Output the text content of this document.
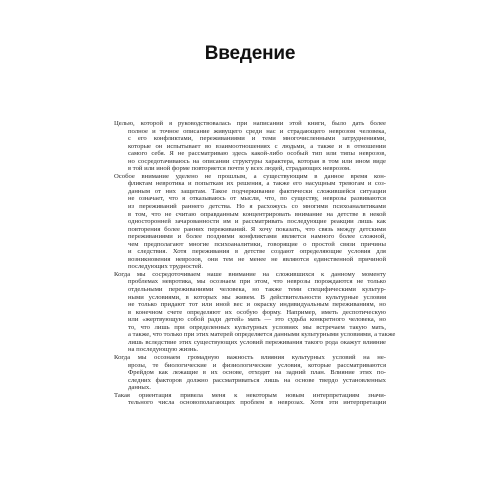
Введение

Целью, которой я руководствовалась при написании этой книги, было дать более
полное и точное описание живущего среди нас и страдающего неврозом человека,
с его конфликтами, переживаниями и теми многочисленными затруднениями,
которые он испытывает во взаимоотношениях с людьми, а также и в отношении
самого себя. Я не рассматриваю здесь какой-либо особый тип или типы неврозов,
но сосредотачиваюсь на описании структуры характера, которая в том или ином виде
в той или иной форме повторяется почти у всех людей, страдающих неврозом.

Особое внимание уделено не прошлым, а существующим в данное время кон-
фликтам невротика и попыткам их решения, а также его насущным тревогам и соз-
данным от них защитам. Такое подчеркивание фактически сложившейся ситуации
не означает, что я отказываюсь от мысли, что, по существу, неврозы развиваются
из переживаний раннего детства. Но я расхожусь со многими психоаналитиками
в том, что не считаю оправданным концентрировать внимание на детстве в некой
односторонней зачарованности им и рассматривать последующие реакции лишь как
повторения более ранних переживаний. Я хочу показать, что связь между детскими
переживаниями и более поздними конфликтами является намного более сложной,
чем предполагают многие психоаналитики, говорящие о простой связи причины
и следствия. Хотя переживания в детстве создают определяющие условия для
возникновения неврозов, они тем не менее не являются единственной причиной
последующих трудностей.

Когда мы сосредоточиваем наше внимание на сложившихся к данному моменту
проблемах невротика, мы осознаем при этом, что неврозы порождаются не только
отдельными переживаниями человека, но также теми специфическими культур-
ными условиями, в которых мы живем. В действительности культурные условия
не только придают тот или иной вес и окраску индивидуальным переживаниям, но
в конечном счете определяют их особую форму. Например, иметь деспотическую
или «жертвующую собой ради детей» мать — это судьба конкретного человека, но
то, что лишь при определенных культурных условиях мы встречаем такую мать,
а также, что только при этих матерей определяется данными культурными условиями, а также
лишь вследствие этих существующих условий переживания такого рода окажут влияние
на последующую жизнь.

Когда мы осознаем громадную важность влияния культурных условий на не-
врозы, те биологические и физиологические условия, которые рассматриваются
Фрейдом как лежащие в их основе, отходят на задний план. Влияние этих по-
следних факторов должно рассматриваться лишь на основе твердо установленных
данных.

Такая ориентация привела меня к некоторым новым интерпретациям значи-
тельного числа основополагающих проблем в неврозах. Хотя эти интерпретации
